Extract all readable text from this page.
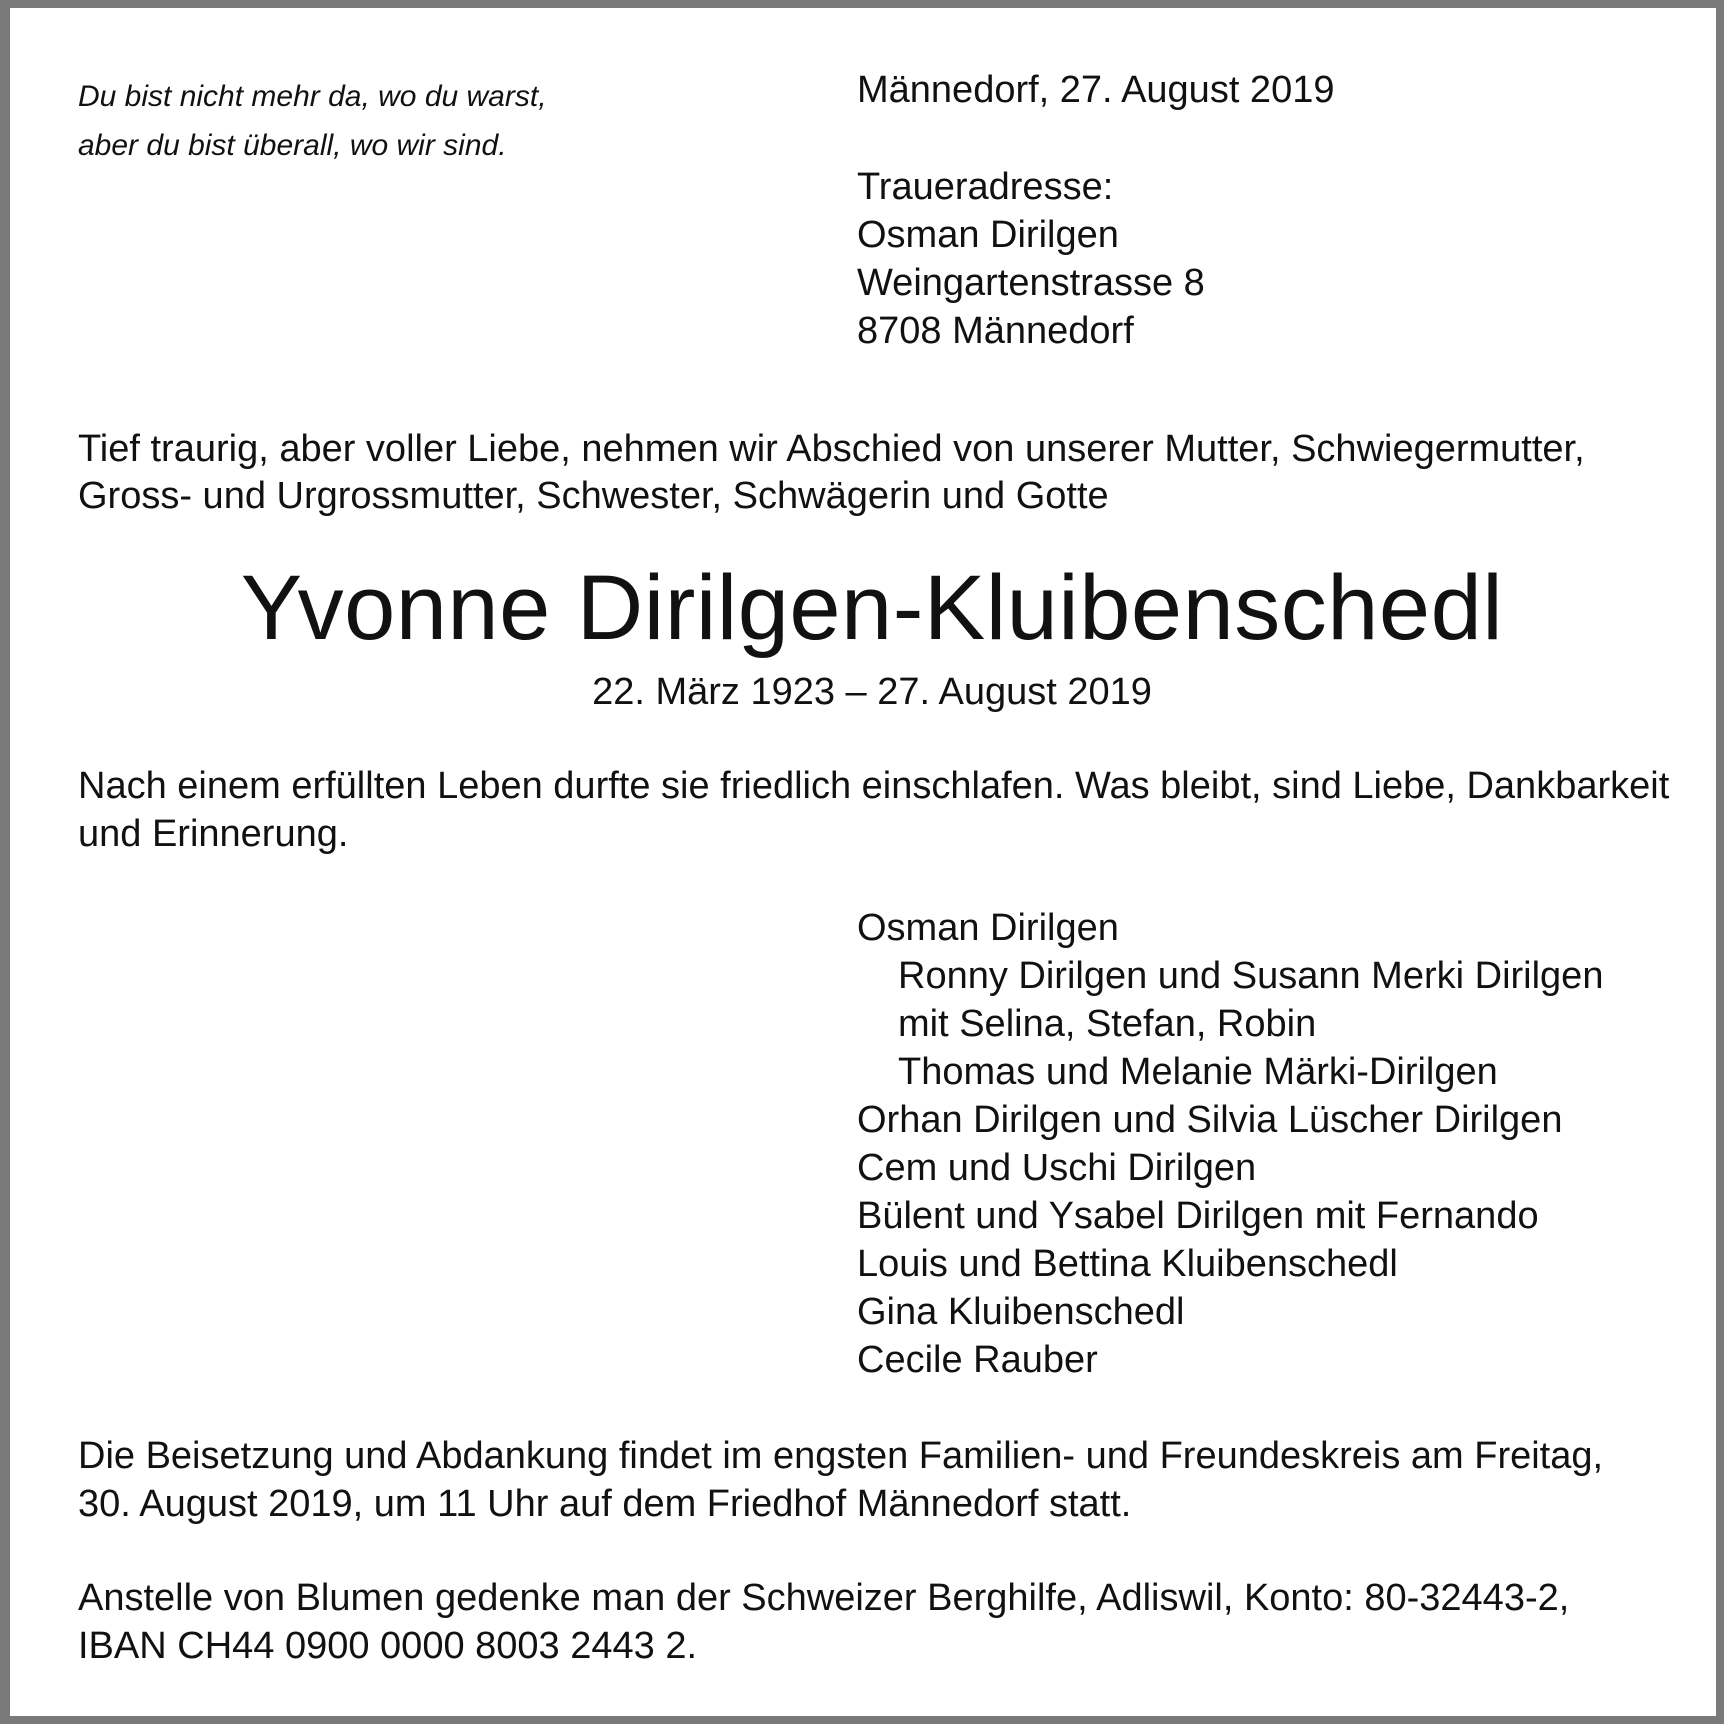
Du bist nicht mehr da, wo du warst,
aber du bist überall, wo wir sind.
Männedorf, 27. August 2019
Traueradresse:
Osman Dirilgen
Weingartenstrasse 8
8708 Männedorf
Tief traurig, aber voller Liebe, nehmen wir Abschied von unserer Mutter, Schwiegermutter,
Gross- und Urgrossmutter, Schwester, Schwägerin und Gotte
Yvonne Dirilgen-Kluibenschedl
22. März 1923 – 27. August 2019
Nach einem erfüllten Leben durfte sie friedlich einschlafen. Was bleibt, sind Liebe, Dankbarkeit
und Erinnerung.
Osman Dirilgen
Ronny Dirilgen und Susann Merki Dirilgen
mit Selina, Stefan, Robin
Thomas und Melanie Märki-Dirilgen
Orhan Dirilgen und Silvia Lüscher Dirilgen
Cem und Uschi Dirilgen
Bülent und Ysabel Dirilgen mit Fernando
Louis und Bettina Kluibenschedl
Gina Kluibenschedl
Cecile Rauber
Die Beisetzung und Abdankung findet im engsten Familien- und Freundeskreis am Freitag,
30. August 2019, um 11 Uhr auf dem Friedhof Männedorf statt.
Anstelle von Blumen gedenke man der Schweizer Berghilfe, Adliswil, Konto: 80-32443-2,
IBAN CH44 0900 0000 8003 2443 2.
